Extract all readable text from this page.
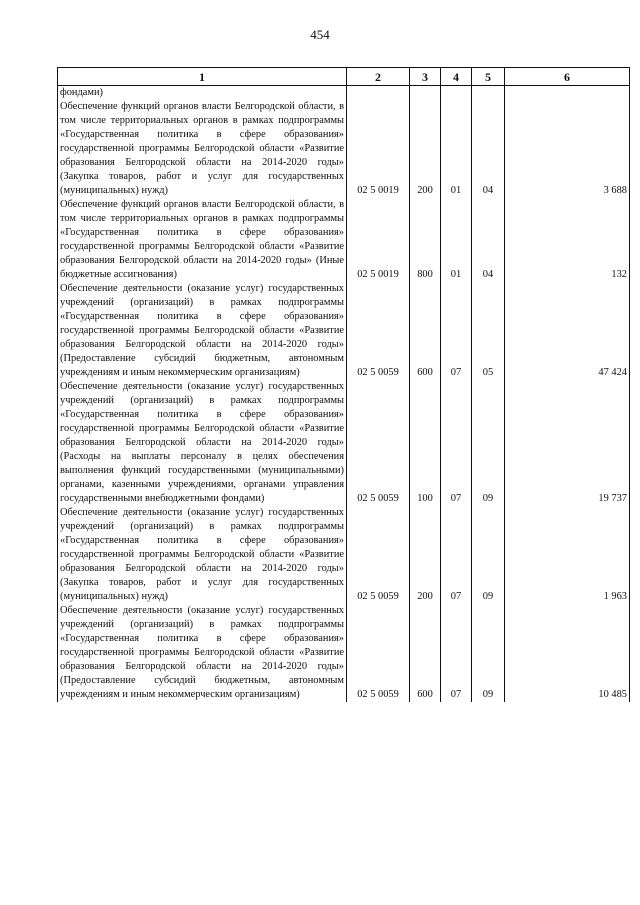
454
1	2	3	4	5	6
фондами)					
Обеспечение функций органов власти Белгородской области, в том числе территориальных органов в рамках подпрограммы «Государственная политика в сфере образования» государственной программы Белгородской области «Развитие образования Белгородской области на 2014-2020 годы» (Закупка товаров, работ и услуг для государственных (муниципальных) нужд)	02 5 0019	200	01	04	3 688
Обеспечение функций органов власти Белгородской области, в том числе территориальных органов в рамках подпрограммы «Государственная политика в сфере образования» государственной программы Белгородской области «Развитие образования Белгородской области на 2014-2020 годы» (Иные бюджетные ассигнования)	02 5 0019	800	01	04	132
Обеспечение деятельности (оказание услуг) государственных учреждений (организаций) в рамках подпрограммы «Государственная политика в сфере образования» государственной программы Белгородской области «Развитие образования Белгородской области на 2014-2020 годы» (Предоставление субсидий бюджетным, автономным учреждениям и иным некоммерческим организациям)	02 5 0059	600	07	05	47 424
Обеспечение деятельности (оказание услуг) государственных учреждений (организаций) в рамках подпрограммы «Государственная политика в сфере образования» государственной программы Белгородской области «Развитие образования Белгородской области на 2014-2020 годы» (Расходы на выплаты персоналу в целях обеспечения выполнения функций государственными (муниципальными) органами, казенными учреждениями, органами управления государственными внебюджетными фондами)	02 5 0059	100	07	09	19 737
Обеспечение деятельности (оказание услуг) государственных учреждений (организаций) в рамках подпрограммы «Государственная политика в сфере образования» государственной программы Белгородской области «Развитие образования Белгородской области на 2014-2020 годы» (Закупка товаров, работ и услуг для государственных (муниципальных) нужд)	02 5 0059	200	07	09	1 963
Обеспечение деятельности (оказание услуг) государственных учреждений (организаций) в рамках подпрограммы «Государственная политика в сфере образования» государственной программы Белгородской области «Развитие образования Белгородской области на 2014-2020 годы» (Предоставление субсидий бюджетным, автономным учреждениям и иным некоммерческим организациям)	02 5 0059	600	07	09	10 485
